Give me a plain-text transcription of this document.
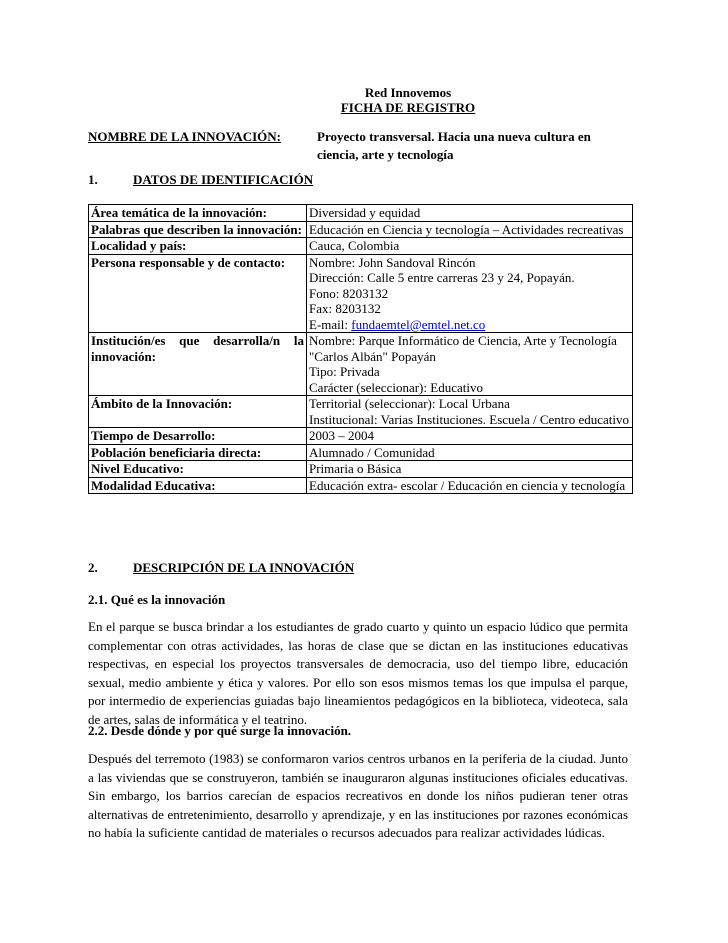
Red Innovemos
FICHA DE REGISTRO
NOMBRE DE LA INNOVACIÓN:	Proyecto transversal. Hacia una nueva cultura en ciencia, arte y tecnología
1.	DATOS DE IDENTIFICACIÓN
Área temática de la innovación:	Diversidad y equidad
Palabras que describen la innovación:	Educación en Ciencia y tecnología – Actividades recreativas
Localidad y país:	Cauca, Colombia
Persona responsable y de contacto:	Nombre: John Sandoval Rincón
Dirección: Calle 5 entre carreras 23 y 24, Popayán.
Fono: 8203132
Fax: 8203132
E-mail: fundaemtel@emtel.net.co

Institución/es que desarrolla/n la innovación:	Nombre: Parque Informático de Ciencia, Arte y Tecnología "Carlos Albán" Popayán
Tipo: Privada
Carácter (seleccionar): Educativo

Ámbito de la Innovación:	Territorial (seleccionar): Local Urbana
Institucional: Varias Instituciones. Escuela / Centro educativo

Tiempo de Desarrollo:	2003 – 2004
Población beneficiaria directa:	Alumnado / Comunidad
Nivel Educativo:	Primaria o Básica
Modalidad Educativa:	Educación extra- escolar / Educación en ciencia y tecnología
2.	DESCRIPCIÓN DE LA INNOVACIÓN
2.1. Qué es la innovación
En el parque se busca brindar a los estudiantes de grado cuarto y quinto un espacio lúdico que permita complementar con otras actividades, las horas de clase que se dictan en las instituciones educativas respectivas, en especial los proyectos transversales de democracia, uso del tiempo libre, educación sexual, medio ambiente y ética y valores. Por ello son esos mismos temas los que impulsa el parque, por intermedio de experiencias guiadas bajo lineamientos pedagógicos en la biblioteca, videoteca, sala de artes, salas de informática y el teatrino.
2.2. Desde dónde y por qué surge la innovación.
Después del terremoto (1983) se conformaron varios centros urbanos en la periferia de la ciudad. Junto a las viviendas que se construyeron, también se inauguraron algunas instituciones oficiales educativas. Sin embargo, los barrios carecían de espacios recreativos en donde los niños pudieran tener otras alternativas de entretenimiento, desarrollo y aprendizaje, y en las instituciones por razones económicas no había la suficiente cantidad de materiales o recursos adecuados para realizar actividades lúdicas.
